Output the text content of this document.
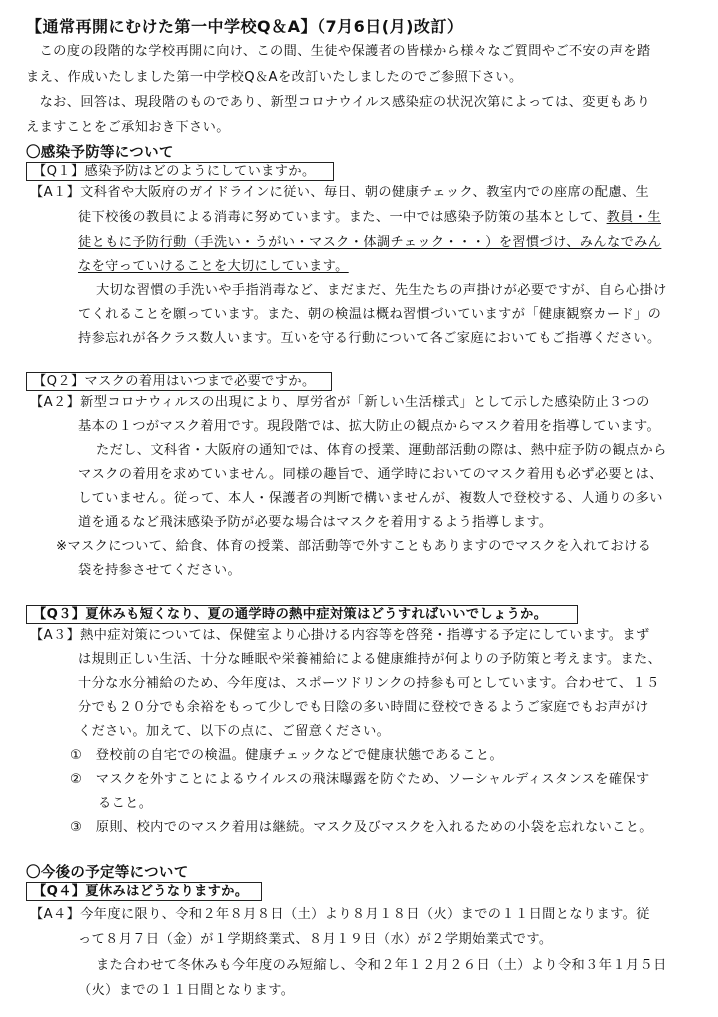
【通常再開にむけた第一中学校Q＆A】（7月6日(月)改訂）
　この度の段階的な学校再開に向け、この間、生徒や保護者の皆様から様々なご質問やご不安の声を踏
まえ、作成いたしました第一中学校Q＆Aを改訂いたしましたのでご参照下さい。
　なお、回答は、現段階のものであり、新型コロナウイルス感染症の状況次第によっては、変更もあり
えますことをご承知おき下さい。
〇感染予防等について
【Q１】感染予防はどのようにしていますか。
【A１】文科省や大阪府のガイドラインに従い、毎日、朝の健康チェック、教室内での座席の配慮、生
徒下校後の教員による消毒に努めています。また、一中では感染予防策の基本として、教員・生
徒ともに予防行動（手洗い・うがい・マスク・体調チェック・・・）を習慣づけ、みんなでみん
なを守っていけることを大切にしています。
大切な習慣の手洗いや手指消毒など、まだまだ、先生たちの声掛けが必要ですが、自ら心掛け
てくれることを願っています。また、朝の検温は概ね習慣づいていますが「健康観察カード」の
持参忘れが各クラス数人います。互いを守る行動について各ご家庭においてもご指導ください。
【Q２】マスクの着用はいつまで必要ですか。
【A２】新型コロナウィルスの出現により、厚労省が「新しい生活様式」として示した感染防止３つの
基本の１つがマスク着用です。現段階では、拡大防止の観点からマスク着用を指導しています。
ただし、文科省・大阪府の通知では、体育の授業、運動部活動の際は、熱中症予防の観点から
マスクの着用を求めていません。同様の趣旨で、通学時においてのマスク着用も必ず必要とは、
していません。従って、本人・保護者の判断で構いませんが、複数人で登校する、人通りの多い
道を通るなど飛沫感染予防が必要な場合はマスクを着用するよう指導します。
※マスクについて、給食、体育の授業、部活動等で外すこともありますのでマスクを入れておける
袋を持参させてください。
【Q３】夏休みも短くなり、夏の通学時の熱中症対策はどうすればいいでしょうか。
【A３】熱中症対策については、保健室より心掛ける内容等を啓発・指導する予定にしています。まず
は規則正しい生活、十分な睡眠や栄養補給による健康維持が何よりの予防策と考えます。また、
十分な水分補給のため、今年度は、スポーツドリンクの持参も可としています。合わせて、１５
分でも２０分でも余裕をもって少しでも日陰の多い時間に登校できるようご家庭でもお声がけ
ください。加えて、以下の点に、ご留意ください。
①　登校前の自宅での検温。健康チェックなどで健康状態であること。
②　マスクを外すことによるウイルスの飛沫曝露を防ぐため、ソーシャルディスタンスを確保す
ること。
③　原則、校内でのマスク着用は継続。マスク及びマスクを入れるための小袋を忘れないこと。
〇今後の予定等について
【Q４】夏休みはどうなりますか。
【A４】今年度に限り、令和２年８月８日（土）より８月１８日（火）までの１１日間となります。従
って８月７日（金）が１学期終業式、８月１９日（水）が２学期始業式です。
また合わせて冬休みも今年度のみ短縮し、令和２年１２月２６日（土）より令和３年１月５日
（火）までの１１日間となります。
